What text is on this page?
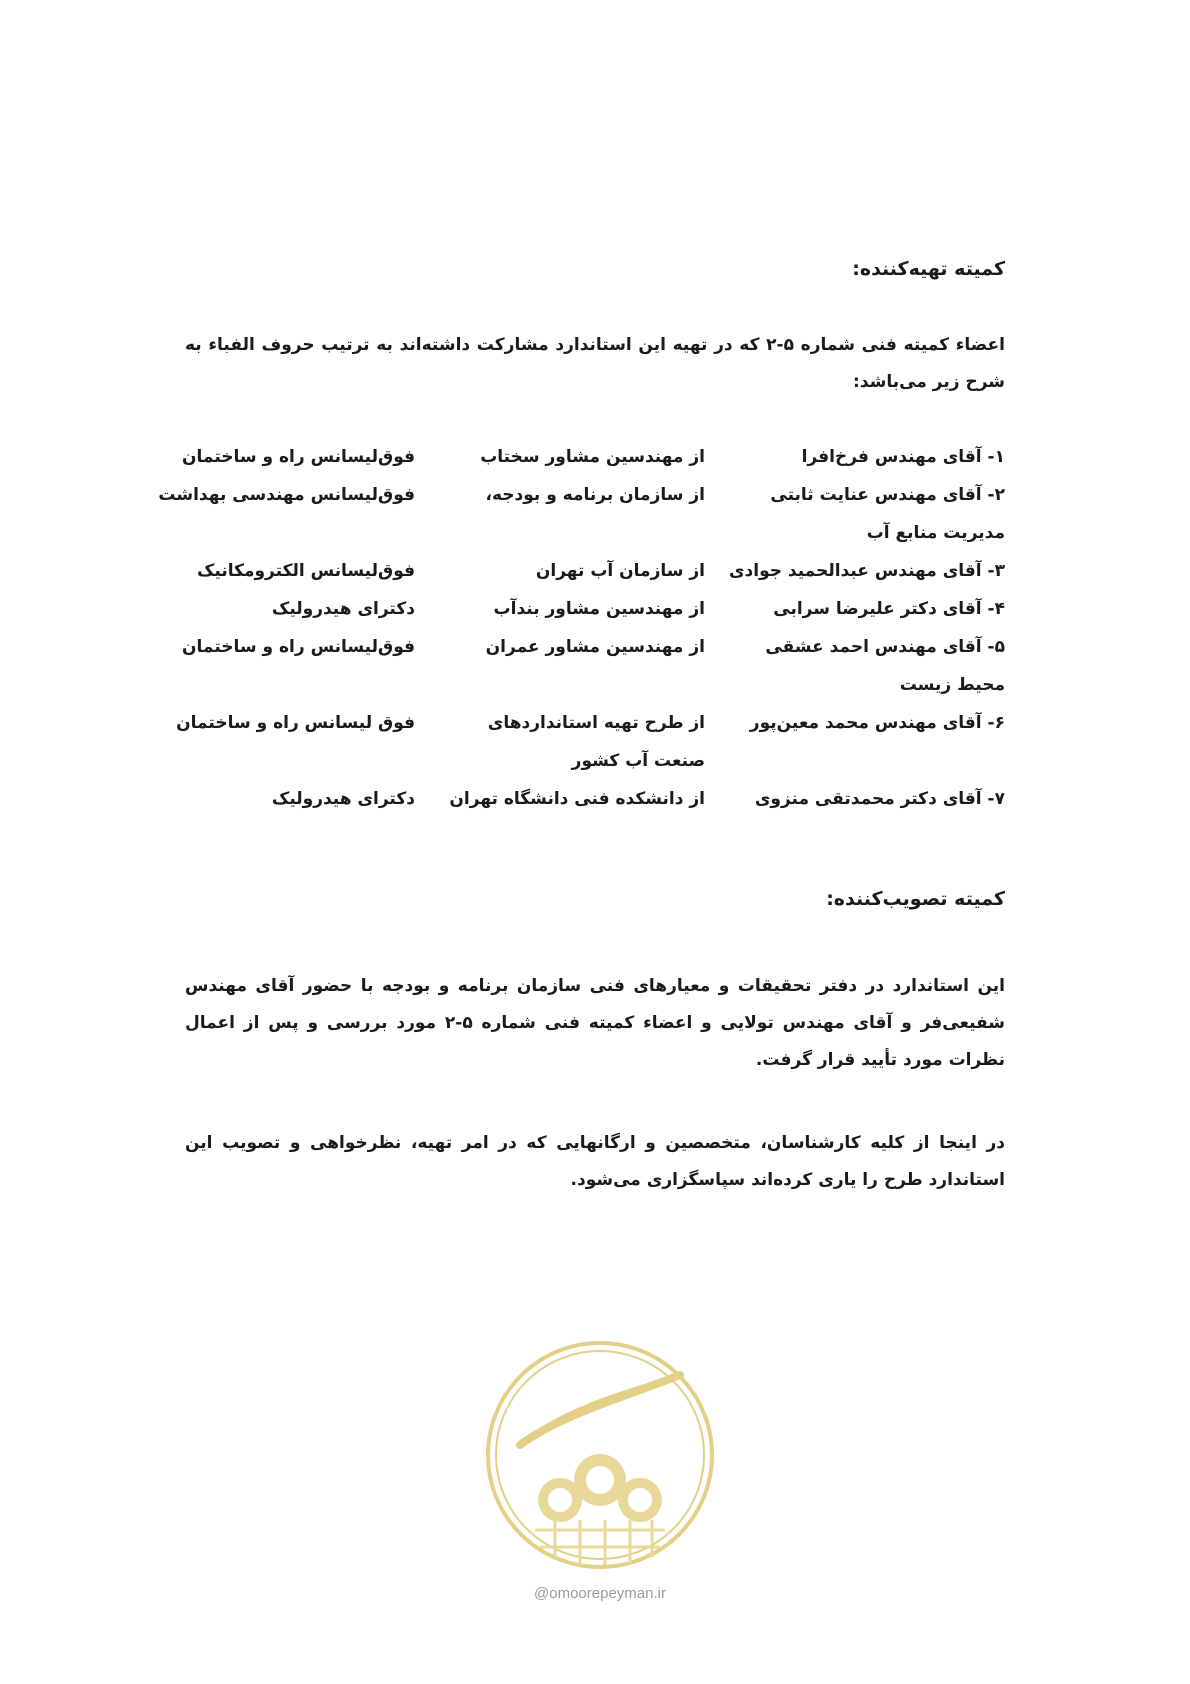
کمیته تهیه‌کننده:
اعضاء کمیته فنی شماره ۵-۲ که در تهیه این استاندارد مشارکت داشته‌اند به ترتیب حروف الفباء به شرح زیر می‌باشد:
۱- آقای مهندس فرخ‌افرا
از مهندسین مشاور سختاب
فوق‌لیسانس راه و ساختمان
۲- آقای مهندس عنایت ثابتی
از سازمان برنامه و بودجه،
فوق‌لیسانس مهندسی بهداشت
مدیریت منابع آب
۳- آقای مهندس عبدالحمید جوادی
از سازمان آب تهران
فوق‌لیسانس الکترومکانیک
۴- آقای دکتر علیرضا سرابی
از مهندسین مشاور بندآب
دکترای هیدرولیک
۵- آقای مهندس احمد عشقی
از مهندسین مشاور عمران
فوق‌لیسانس راه و ساختمان
محیط زیست
۶- آقای مهندس محمد معین‌پور
از طرح تهیه استانداردهای
فوق لیسانس راه و ساختمان
صنعت آب کشور
۷- آقای دکتر محمدتقی منزوی
از دانشکده فنی دانشگاه تهران
دکترای هیدرولیک
کمیته تصویب‌کننده:
این استاندارد در دفتر تحقیقات و معیارهای فنی سازمان برنامه و بودجه با حضور آقای مهندس شفیعی‌فر و آقای مهندس تولایی و اعضاء کمیته فنی شماره ۵-۲ مورد بررسی و پس از اعمال نظرات مورد تأیید قرار گرفت.
در اینجا از کلیه کارشناسان، متخصصین و ارگانهایی که در امر تهیه، نظرخواهی و تصویب این استاندارد طرح را یاری کرده‌اند سپاسگزاری می‌شود.
@omoorepeyman.ir
